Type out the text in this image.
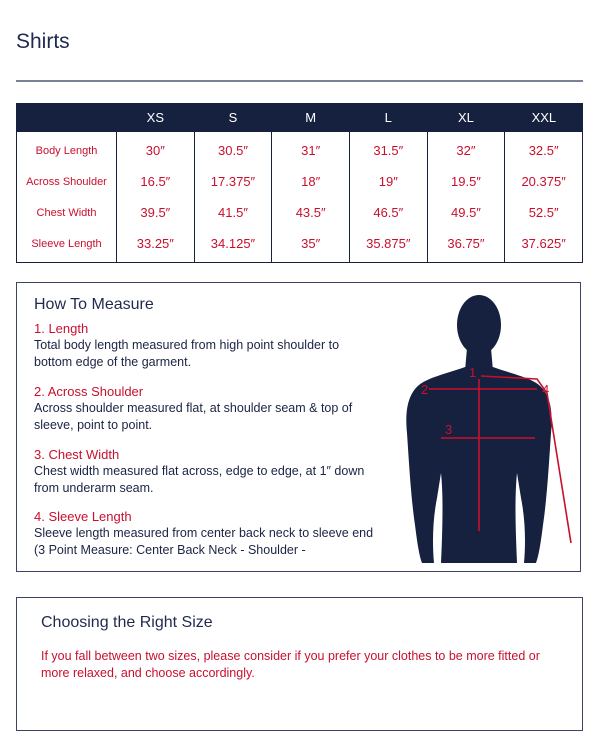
Shirts
	XS	S	M	L	XL	XXL
Body Length	30″	30.5″	31″	31.5″	32″	32.5″
Across Shoulder	16.5″	17.375″	18″	19″	19.5″	20.375″
Chest Width	39.5″	41.5″	43.5″	46.5″	49.5″	52.5″
Sleeve Length	33.25″	34.125″	35″	35.875″	36.75″	37.625″
How To Measure
1. Length
Total body length measured from high point shoulder to bottom edge of the garment.
2. Across Shoulder
Across shoulder measured flat, at shoulder seam & top of sleeve, point to point.
3. Chest Width
Chest width measured flat across, edge to edge, at 1″ down from underarm seam.
4. Sleeve Length
Sleeve length measured from center back neck to sleeve end (3 Point Measure: Center Back Neck - Shoulder -
1
2
3
4
Choosing the Right Size
If you fall between two sizes, please consider if you prefer your clothes to be more fitted or more relaxed, and choose accordingly.
